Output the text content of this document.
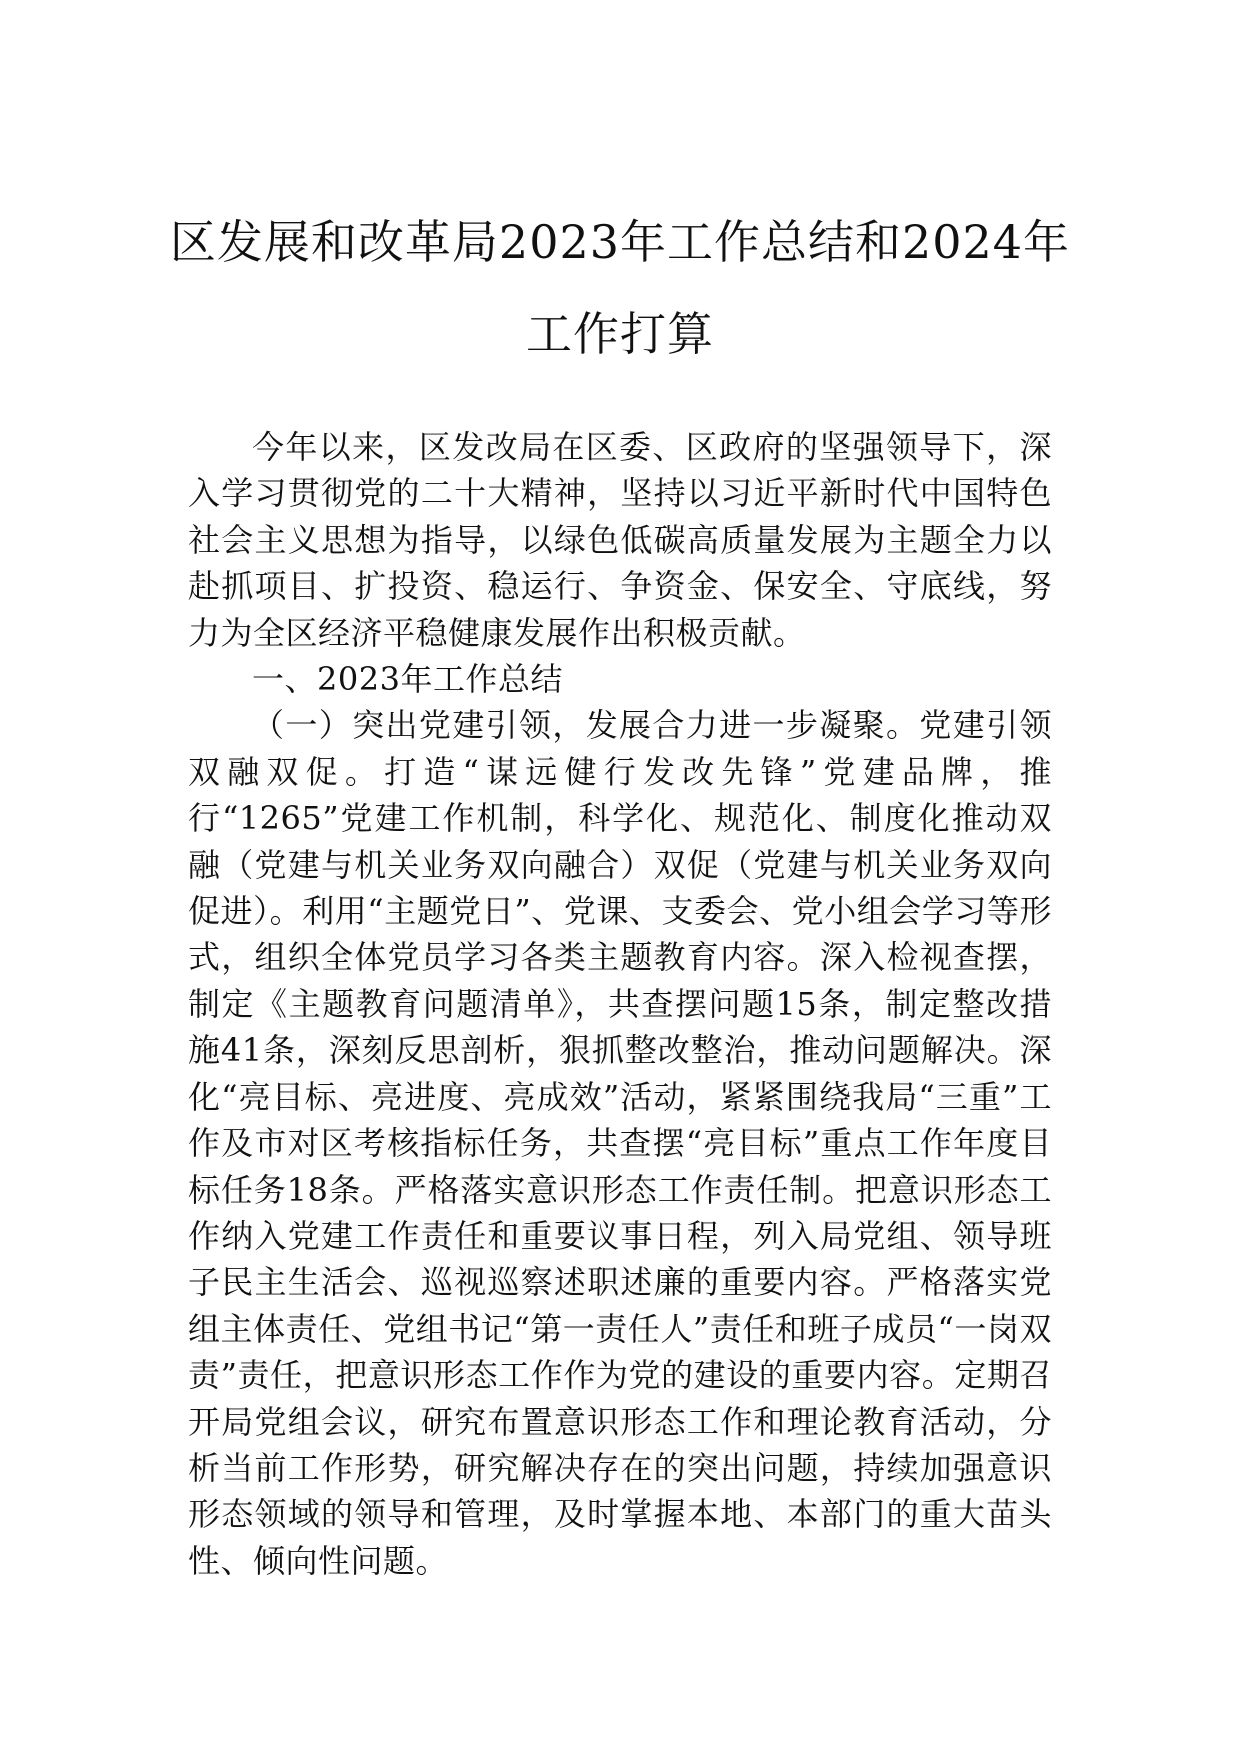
区发展和改革局2023年工作总结和2024年
工作打算

今年以来，区发改局在区委、区政府的坚强领导下，深入学习贯彻党的二十大精神，坚持以习近平新时代中国特色社会主义思想为指导，以绿色低碳高质量发展为主题全力以赴抓项目、扩投资、稳运行、争资金、保安全、守底线，努力为全区经济平稳健康发展作出积极贡献。

一、2023年工作总结

（一）突出党建引领，发展合力进一步凝聚。党建引领双融双促。打造“谋远健行发改先锋”党建品牌，推行“1265”党建工作机制，科学化、规范化、制度化推动双融（党建与机关业务双向融合）双促（党建与机关业务双向促进）。利用“主题党日”、党课、支委会、党小组会学习等形式，组织全体党员学习各类主题教育内容。深入检视查摆，制定《主题教育问题清单》，共查摆问题15条，制定整改措施41条，深刻反思剖析，狠抓整改整治，推动问题解决。深化“亮目标、亮进度、亮成效”活动，紧紧围绕我局“三重”工作及市对区考核指标任务，共查摆“亮目标”重点工作年度目标任务18条。严格落实意识形态工作责任制。把意识形态工作纳入党建工作责任和重要议事日程，列入局党组、领导班子民主生活会、巡视巡察述职述廉的重要内容。严格落实党组主体责任、党组书记“第一责任人”责任和班子成员“一岗双责”责任，把意识形态工作作为党的建设的重要内容。定期召开局党组会议，研究布置意识形态工作和理论教育活动，分析当前工作形势，研究解决存在的突出问题，持续加强意识形态领域的领导和管理，及时掌握本地、本部门的重大苗头性、倾向性问题。
